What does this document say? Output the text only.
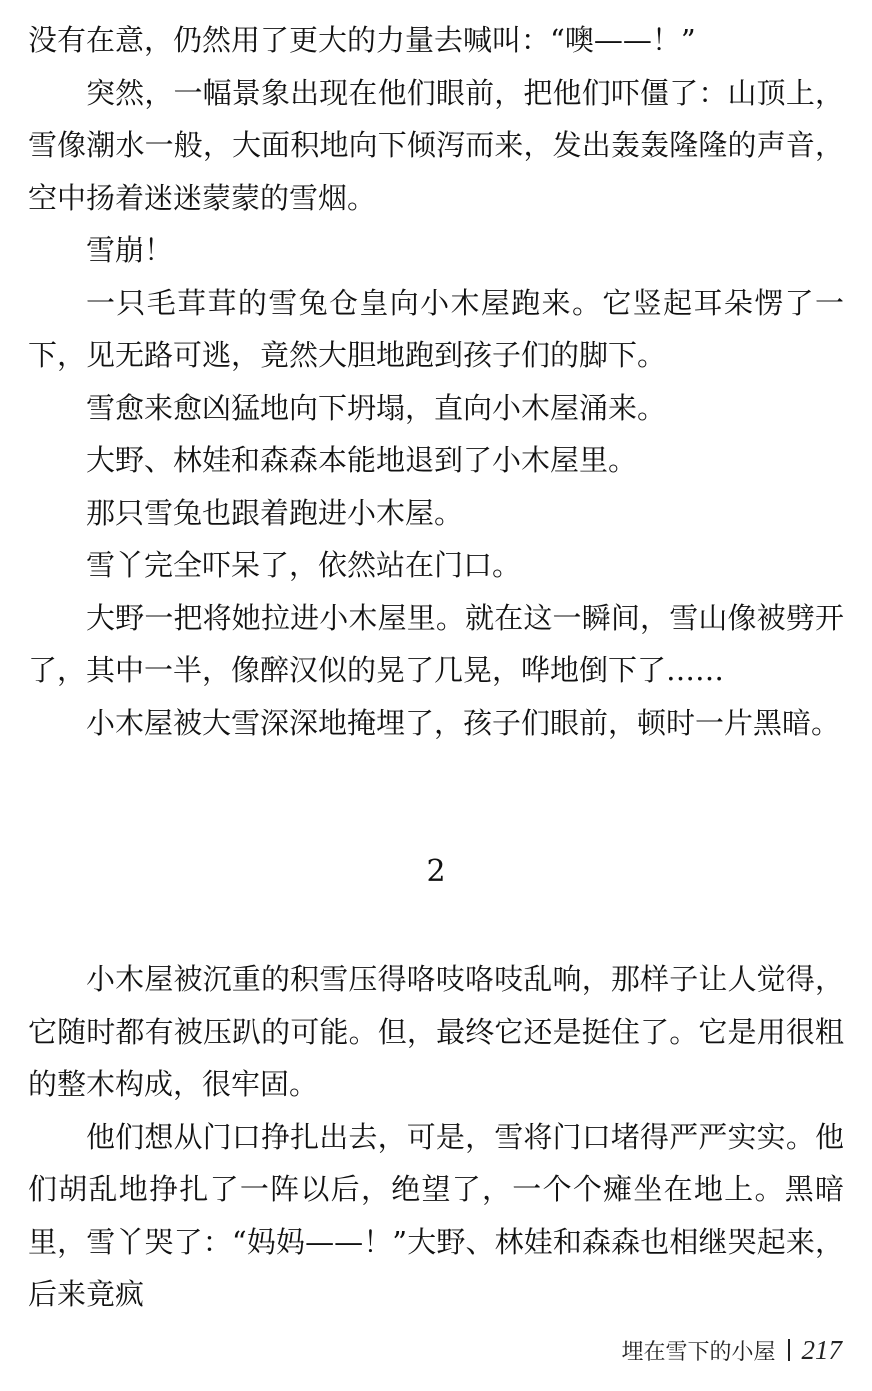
没有在意，仍然用了更大的力量去喊叫：“噢——！”

突然，一幅景象出现在他们眼前，把他们吓僵了：山顶上，雪像潮水一般，大面积地向下倾泻而来，发出轰轰隆隆的声音，空中扬着迷迷蒙蒙的雪烟。

雪崩！

一只毛茸茸的雪兔仓皇向小木屋跑来。它竖起耳朵愣了一下，见无路可逃，竟然大胆地跑到孩子们的脚下。

雪愈来愈凶猛地向下坍塌，直向小木屋涌来。

大野、林娃和森森本能地退到了小木屋里。

那只雪兔也跟着跑进小木屋。

雪丫完全吓呆了，依然站在门口。

大野一把将她拉进小木屋里。就在这一瞬间，雪山像被劈开了，其中一半，像醉汉似的晃了几晃，哗地倒下了……

小木屋被大雪深深地掩埋了，孩子们眼前，顿时一片黑暗。

2

小木屋被沉重的积雪压得咯吱咯吱乱响，那样子让人觉得，它随时都有被压趴的可能。但，最终它还是挺住了。它是用很粗的整木构成，很牢固。

他们想从门口挣扎出去，可是，雪将门口堵得严严实实。他们胡乱地挣扎了一阵以后，绝望了，一个个瘫坐在地上。黑暗里，雪丫哭了：“妈妈——！”大野、林娃和森森也相继哭起来，后来竟疯

埋在雪下的小屋 217
